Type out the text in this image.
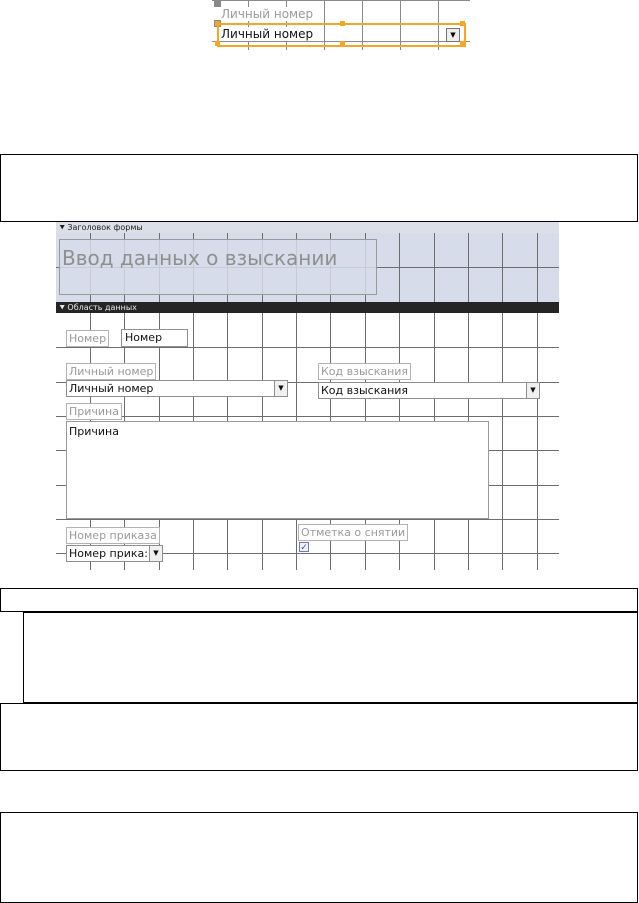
Личный номер
Личный номер	▼
⯆ Заголовок формы
Ввод данных о взыскании
⯆ Область данных
Номер	Номер
Личный номер
Личный номер	▼
Код взыскания
Код взыскания	▼
Причина
Причина
Номер приказа
Номер прика: ▼
Отметка о снятии
✓
